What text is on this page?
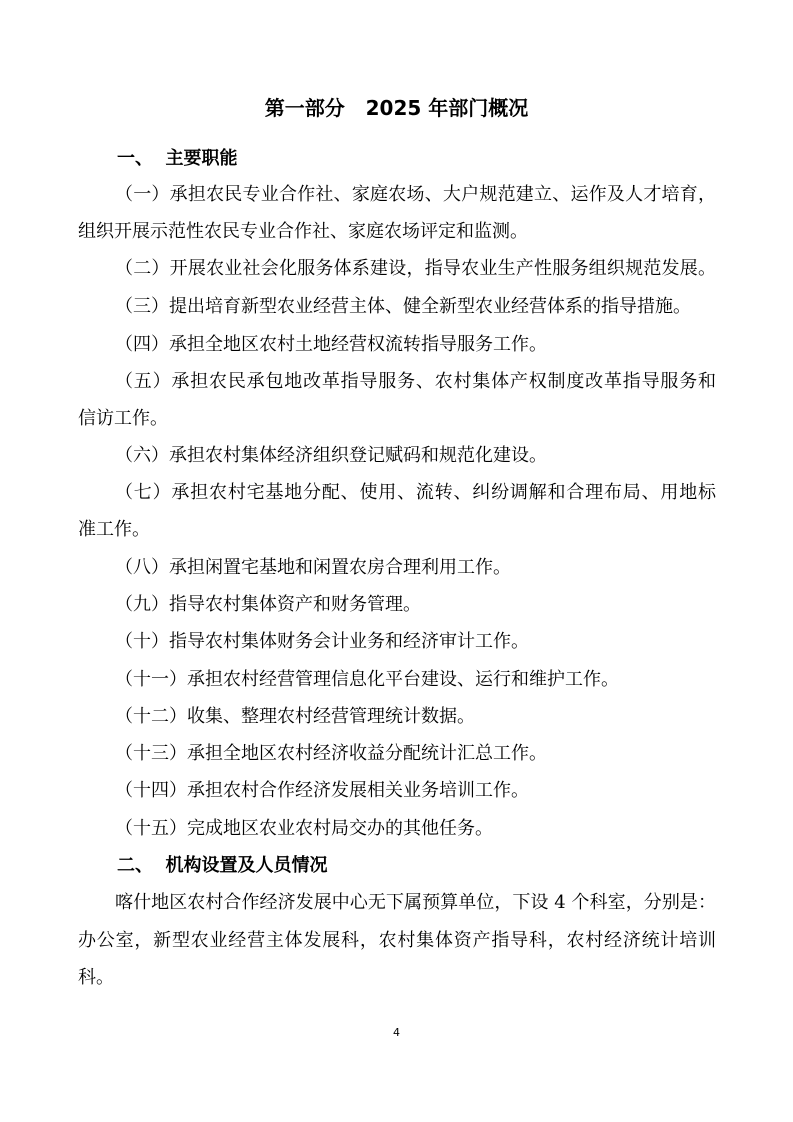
第一部分   2025 年部门概况
一、  主要职能
（一）承担农民专业合作社、家庭农场、大户规范建立、运作及人才培育，
组织开展示范性农民专业合作社、家庭农场评定和监测。
（二）开展农业社会化服务体系建设，指导农业生产性服务组织规范发展。
（三）提出培育新型农业经营主体、健全新型农业经营体系的指导措施。
（四）承担全地区农村土地经营权流转指导服务工作。
（五）承担农民承包地改革指导服务、农村集体产权制度改革指导服务和
信访工作。
（六）承担农村集体经济组织登记赋码和规范化建设。
（七）承担农村宅基地分配、使用、流转、纠纷调解和合理布局、用地标
准工作。
（八）承担闲置宅基地和闲置农房合理利用工作。
（九）指导农村集体资产和财务管理。
（十）指导农村集体财务会计业务和经济审计工作。
（十一）承担农村经营管理信息化平台建设、运行和维护工作。
（十二）收集、整理农村经营管理统计数据。
（十三）承担全地区农村经济收益分配统计汇总工作。
（十四）承担农村合作经济发展相关业务培训工作。
（十五）完成地区农业农村局交办的其他任务。
二、  机构设置及人员情况
喀什地区农村合作经济发展中心无下属预算单位，下设 4 个科室，分别是：
办公室，新型农业经营主体发展科，农村集体资产指导科，农村经济统计培训
科。
4
